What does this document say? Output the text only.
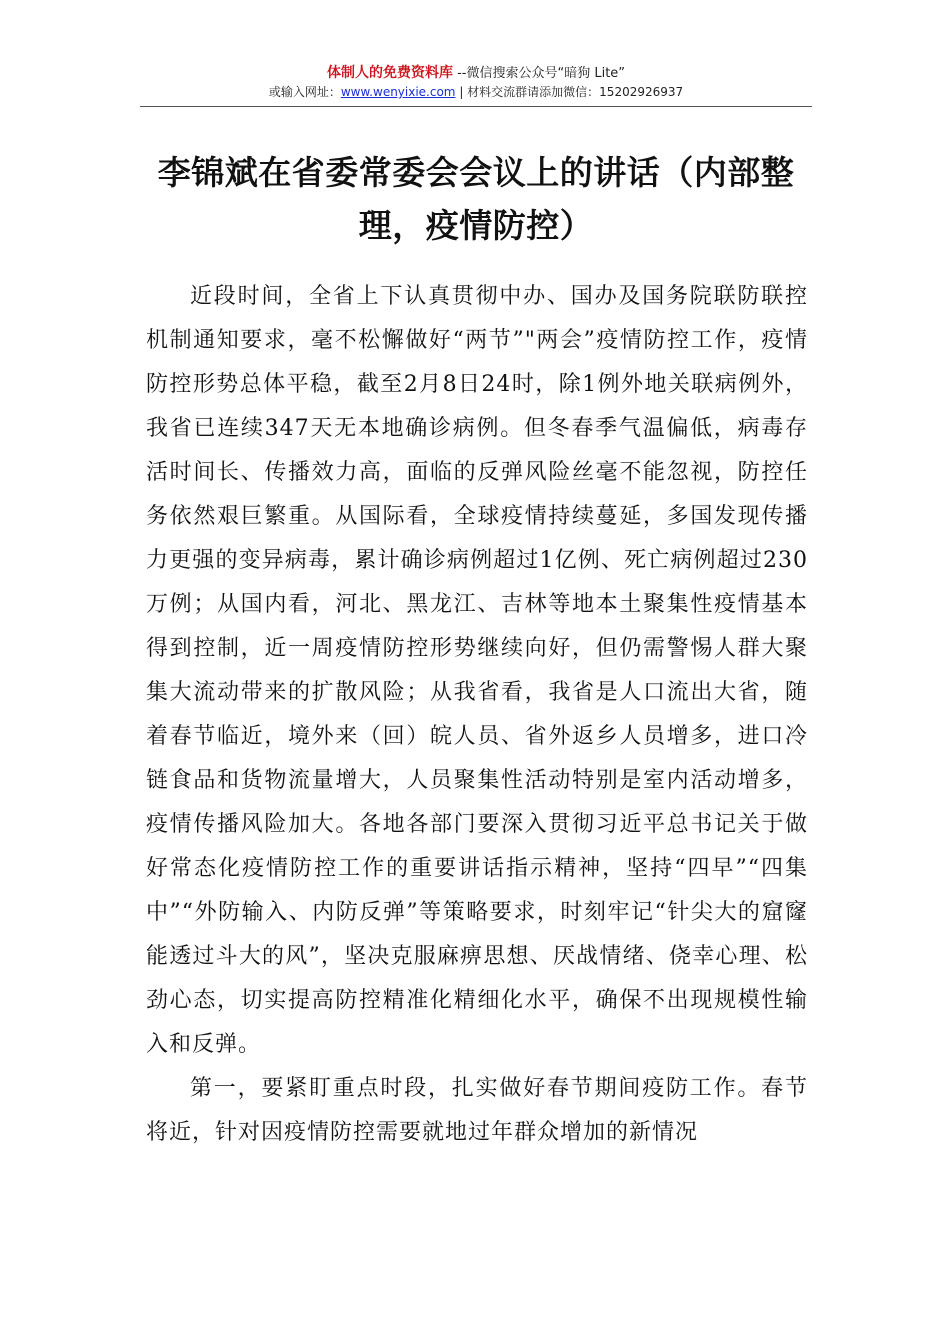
体制人的免费资料库 --微信搜索公众号“暗狗 Lite”
或输入网址：www.wenyixie.com | 材料交流群请添加微信：15202926937
李锦斌在省委常委会会议上的讲话（内部整理，疫情防控）

近段时间，全省上下认真贯彻中办、国办及国务院联防联控机制通知要求，毫不松懈做好“两节”"两会”疫情防控工作，疫情防控形势总体平稳，截至2月8日24时，除1例外地关联病例外，我省已连续347天无本地确诊病例。但冬春季气温偏低，病毒存活时间长、传播效力高，面临的反弹风险丝毫不能忽视，防控任务依然艰巨繁重。从国际看，全球疫情持续蔓延，多国发现传播力更强的变异病毒，累计确诊病例超过1亿例、死亡病例超过230万例；从国内看，河北、黑龙江、吉林等地本土聚集性疫情基本得到控制，近一周疫情防控形势继续向好，但仍需警惕人群大聚集大流动带来的扩散风险；从我省看，我省是人口流出大省，随着春节临近，境外来（回）皖人员、省外返乡人员增多，进口冷链食品和货物流量增大，人员聚集性活动特别是室内活动增多，疫情传播风险加大。各地各部门要深入贯彻习近平总书记关于做好常态化疫情防控工作的重要讲话指示精神，坚持“四早”“四集中”“外防输入、内防反弹”等策略要求，时刻牢记“针尖大的窟窿能透过斗大的风”，坚决克服麻痹思想、厌战情绪、侥幸心理、松劲心态，切实提高防控精准化精细化水平，确保不出现规模性输入和反弹。

第一，要紧盯重点时段，扎实做好春节期间疫防工作。春节将近，针对因疫情防控需要就地过年群众增加的新情况
